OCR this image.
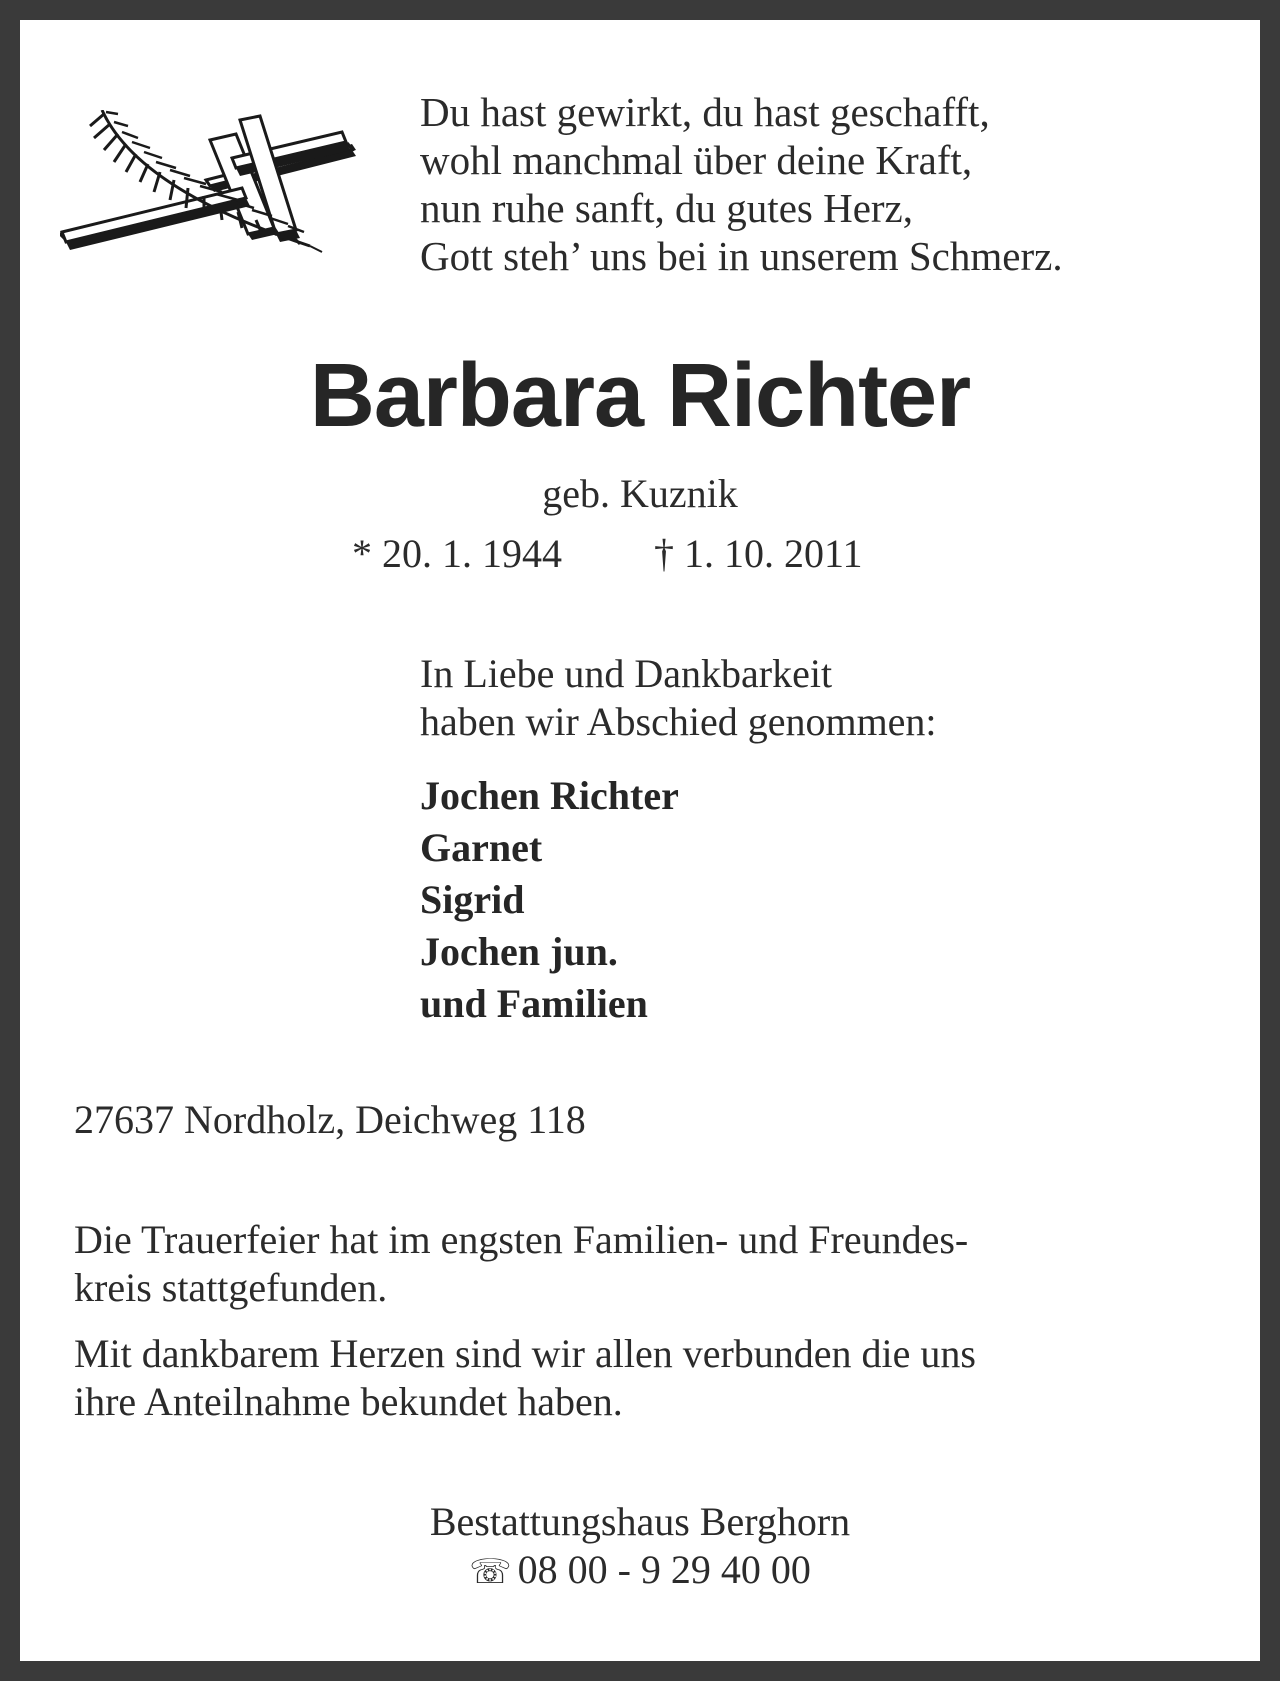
Du hast gewirkt, du hast geschafft,
wohl manchmal über deine Kraft,
nun ruhe sanft, du gutes Herz,
Gott steh’ uns bei in unserem Schmerz.
Barbara Richter
geb. Kuznik
* 20. 1. 1944 † 1. 10. 2011
In Liebe und Dankbarkeit
haben wir Abschied genommen:
Jochen Richter
Garnet
Sigrid
Jochen jun.
und Familien
27637 Nordholz, Deichweg 118
Die Trauerfeier hat im engsten Familien- und Freundes-
kreis stattgefunden.
Mit dankbarem Herzen sind wir allen verbunden die uns
ihre Anteilnahme bekundet haben.
Bestattungshaus Berghorn
☏ 08 00 - 9 29 40 00
